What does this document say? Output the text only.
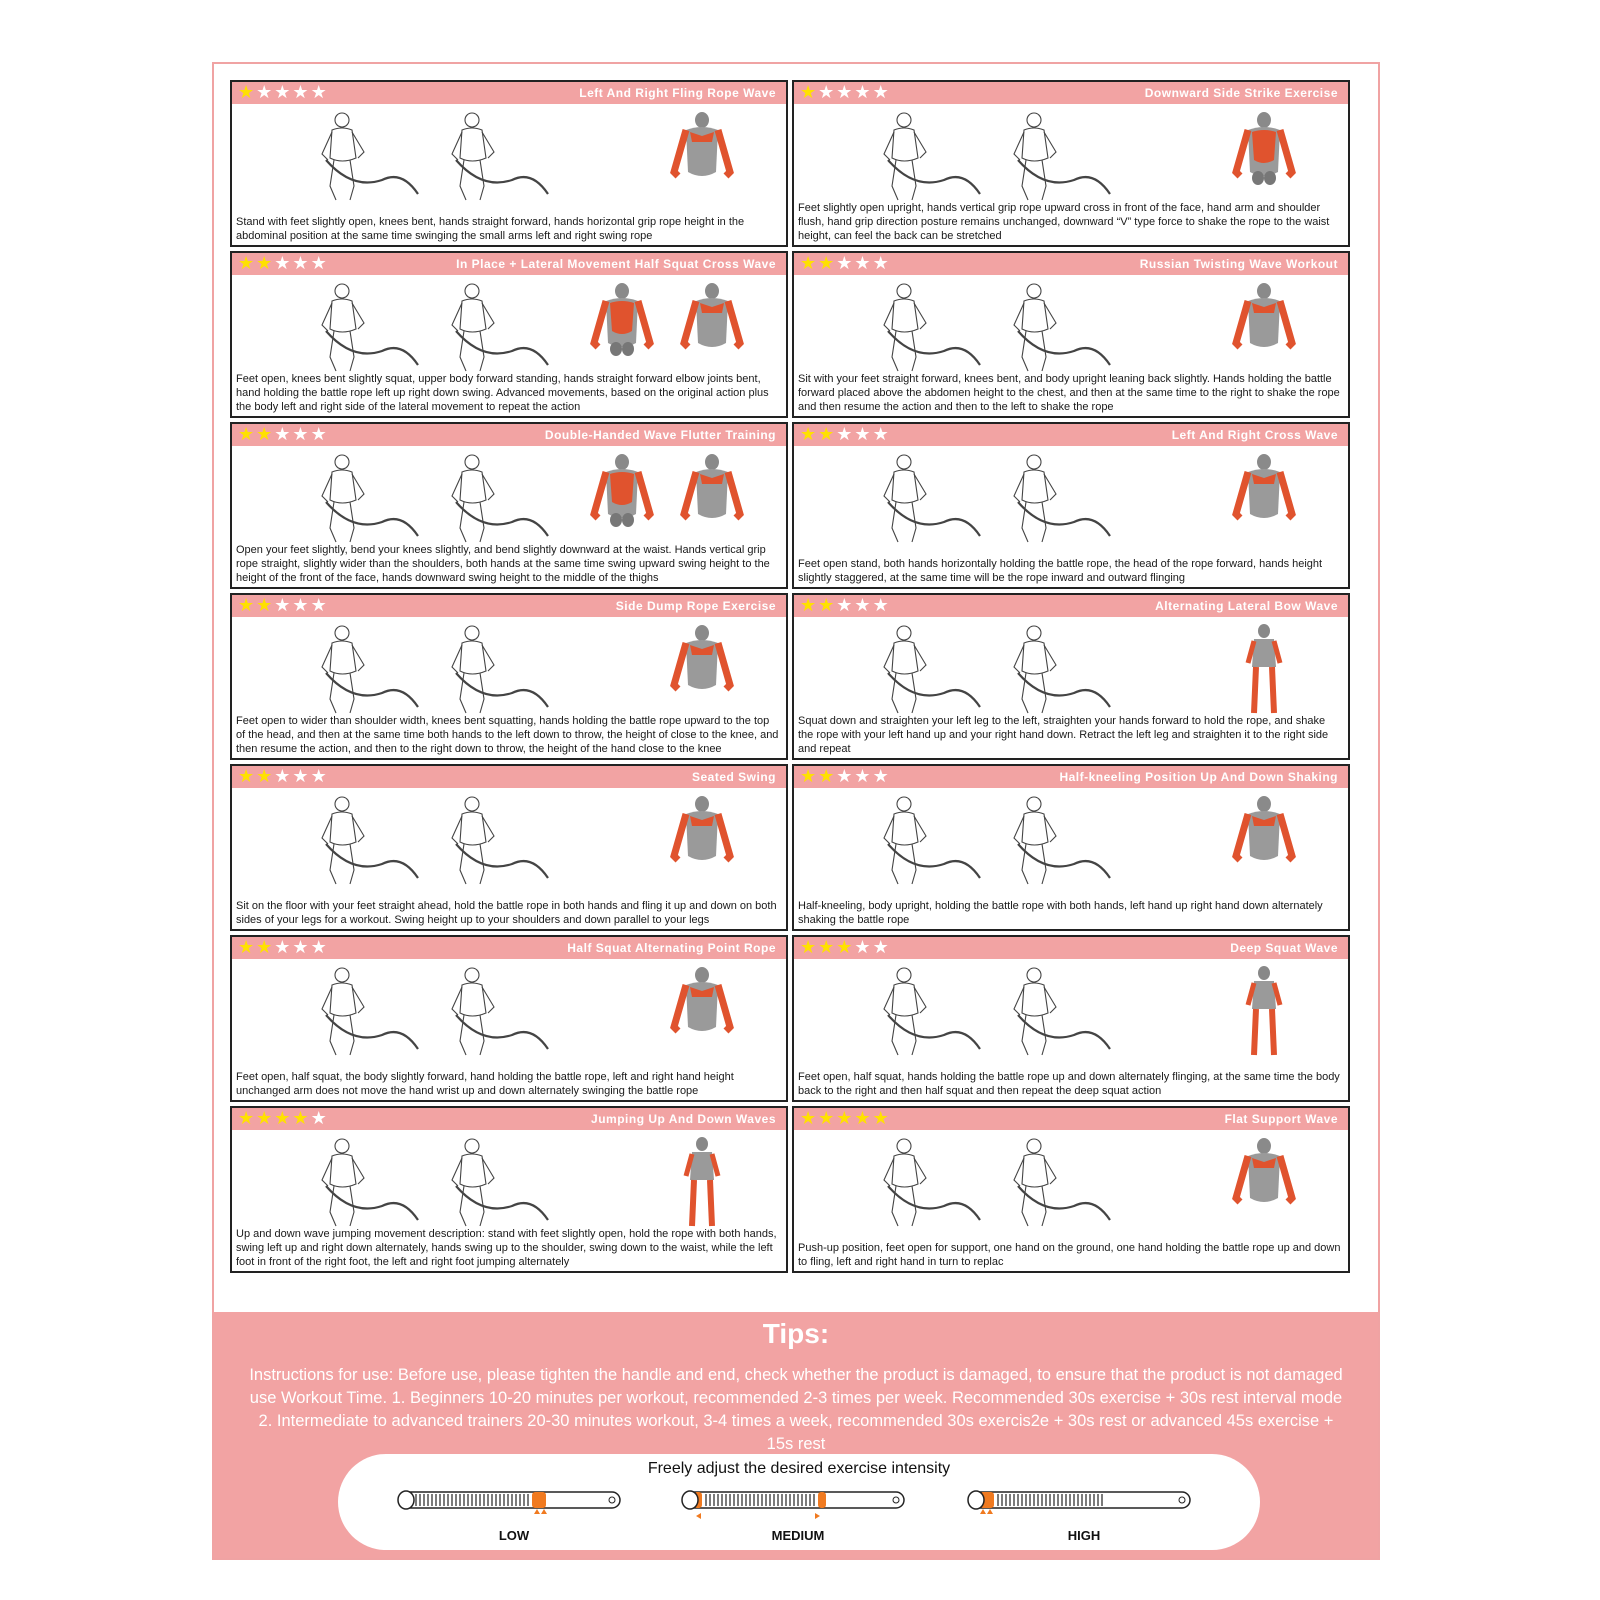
★★★★★	Left And Right Fling Rope Wave
Stand with feet slightly open, knees bent, hands straight forward, hands horizontal grip rope height in the abdominal position at the same time swinging the small arms left and right swing rope
★★★★★	Downward Side Strike Exercise
Feet slightly open upright, hands vertical grip rope upward cross in front of the face, hand arm and shoulder flush, hand grip direction posture remains unchanged, downward “V” type force to shake the rope to the waist height, can feel the back can be stretched
★★★★★	In Place + Lateral Movement Half Squat Cross Wave
Feet open, knees bent slightly squat, upper body forward standing, hands straight forward elbow joints bent, hand holding the battle rope left up right down swing. Advanced movements, based on the original action plus the body left and right side of the lateral movement to repeat the action
★★★★★	Russian Twisting Wave Workout
Sit with your feet straight forward, knees bent, and body upright leaning back slightly. Hands holding the battle forward placed above the abdomen height to the chest, and then at the same time to the right to shake the rope and then resume the action and then to the left to shake the rope
★★★★★	Double-Handed Wave Flutter Training
Open your feet slightly, bend your knees slightly, and bend slightly downward at the waist. Hands vertical grip rope straight, slightly wider than the shoulders, both hands at the same time swing upward swing height to the height of the front of the face, hands downward swing height to the middle of the thighs
★★★★★	Left And Right Cross Wave
Feet open stand, both hands horizontally holding the battle rope, the head of the rope forward, hands height slightly staggered, at the same time will be the rope inward and outward flinging
★★★★★	Side Dump Rope Exercise
Feet open to wider than shoulder width, knees bent squatting, hands holding the battle rope upward to the top of the head, and then at the same time both hands to the left down to throw, the height of close to the knee, and then resume the action, and then to the right down to throw, the height of the hand close to the knee
★★★★★	Alternating Lateral Bow Wave
Squat down and straighten your left leg to the left, straighten your hands forward to hold the rope, and shake the rope with your left hand up and your right hand down. Retract the left leg and straighten it to the right side and repeat
★★★★★	Seated Swing
Sit on the floor with your feet straight ahead, hold the battle rope in both hands and fling it up and down on both sides of your legs for a workout. Swing height up to your shoulders and down parallel to your legs
★★★★★	Half-kneeling Position Up And Down Shaking
Half-kneeling, body upright, holding the battle rope with both hands, left hand up right hand down alternately shaking the battle rope
★★★★★	Half Squat Alternating Point Rope
Feet open, half squat, the body slightly forward, hand holding the battle rope, left and right hand height unchanged arm does not move the hand wrist up and down alternately swinging the battle rope
★★★★★	Deep Squat Wave
Feet open, half squat, hands holding the battle rope up and down alternately flinging, at the same time the body back to the right and then half squat and then repeat the deep squat action
★★★★★	Jumping Up And Down Waves
Up and down wave jumping movement description: stand with feet slightly open, hold the rope with both hands, swing left up and right down alternately, hands swing up to the shoulder, swing down to the waist, while the left foot in front of the right foot, the left and right foot jumping alternately
★★★★★	Flat Support Wave
Push-up position, feet open for support, one hand on the ground, one hand holding the battle rope up and down to fling, left and right hand in turn to replac
Tips:
Instructions for use: Before use, please tighten the handle and end, check whether the product is damaged, to ensure that the product is not damaged use Workout Time. 1. Beginners 10-20 minutes per workout, recommended 2-3 times per week. Recommended 30s exercise + 30s rest interval mode 2. Intermediate to advanced trainers 20-30 minutes workout, 3-4 times a week, recommended 30s exercis2e + 30s rest or advanced 45s exercise + 15s rest
Freely adjust the desired exercise intensity
LOW	MEDIUM	HIGH
